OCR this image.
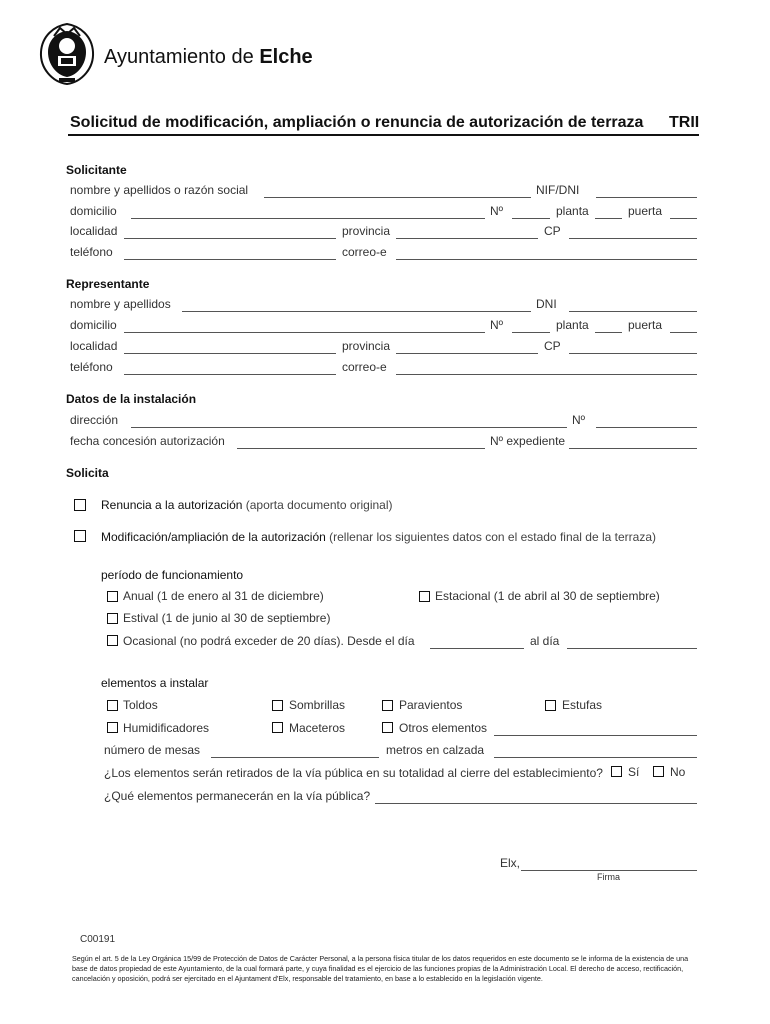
Ayuntamiento de Elche
Solicitud de modificación, ampliación o renuncia de autorización de terraza TRII
Solicitante
nombre y apellidos o razón social	NIF/DNI
domicilio	Nº	planta	puerta
localidad	provincia	CP
teléfono	correo-e
Representante
nombre y apellidos	DNI
domicilio	Nº	planta	puerta
localidad	provincia	CP
teléfono	correo-e
Datos de la instalación
dirección	Nº
fecha concesión autorización	Nº expediente
Solicita
Renuncia a la autorización (aporta documento original)
Modificación/ampliación de la autorización (rellenar los siguientes datos con el estado final de la terraza)
período de funcionamiento
Anual (1 de enero al 31 de diciembre)	Estacional (1 de abril al 30 de septiembre)
Estival (1 de junio al 30 de septiembre)
Ocasional (no podrá exceder de 20 días). Desde el día	al día
elementos a instalar
Toldos	Sombrillas	Paravientos	Estufas
Humidificadores	Maceteros	Otros elementos
número de mesas	metros en calzada
¿Los elementos serán retirados de la vía pública en su totalidad al cierre del establecimiento? Sí	No
¿Qué elementos permanecerán en la vía pública?
Elx,
Firma
C00191
Según el art. 5 de la Ley Orgánica 15/99 de Protección de Datos de Carácter Personal, a la persona física titular de los datos requeridos en este documento se le informa de la existencia de una base de datos propiedad de este Ayuntamiento, de la cual formará parte, y cuya finalidad es el ejercicio de las funciones propias de la Administración Local. El derecho de acceso, rectificación, cancelación y oposición, podrá ser ejercitado en el Ajuntament d'Elx, responsable del tratamiento, en base a lo establecido en la legislación vigente.
